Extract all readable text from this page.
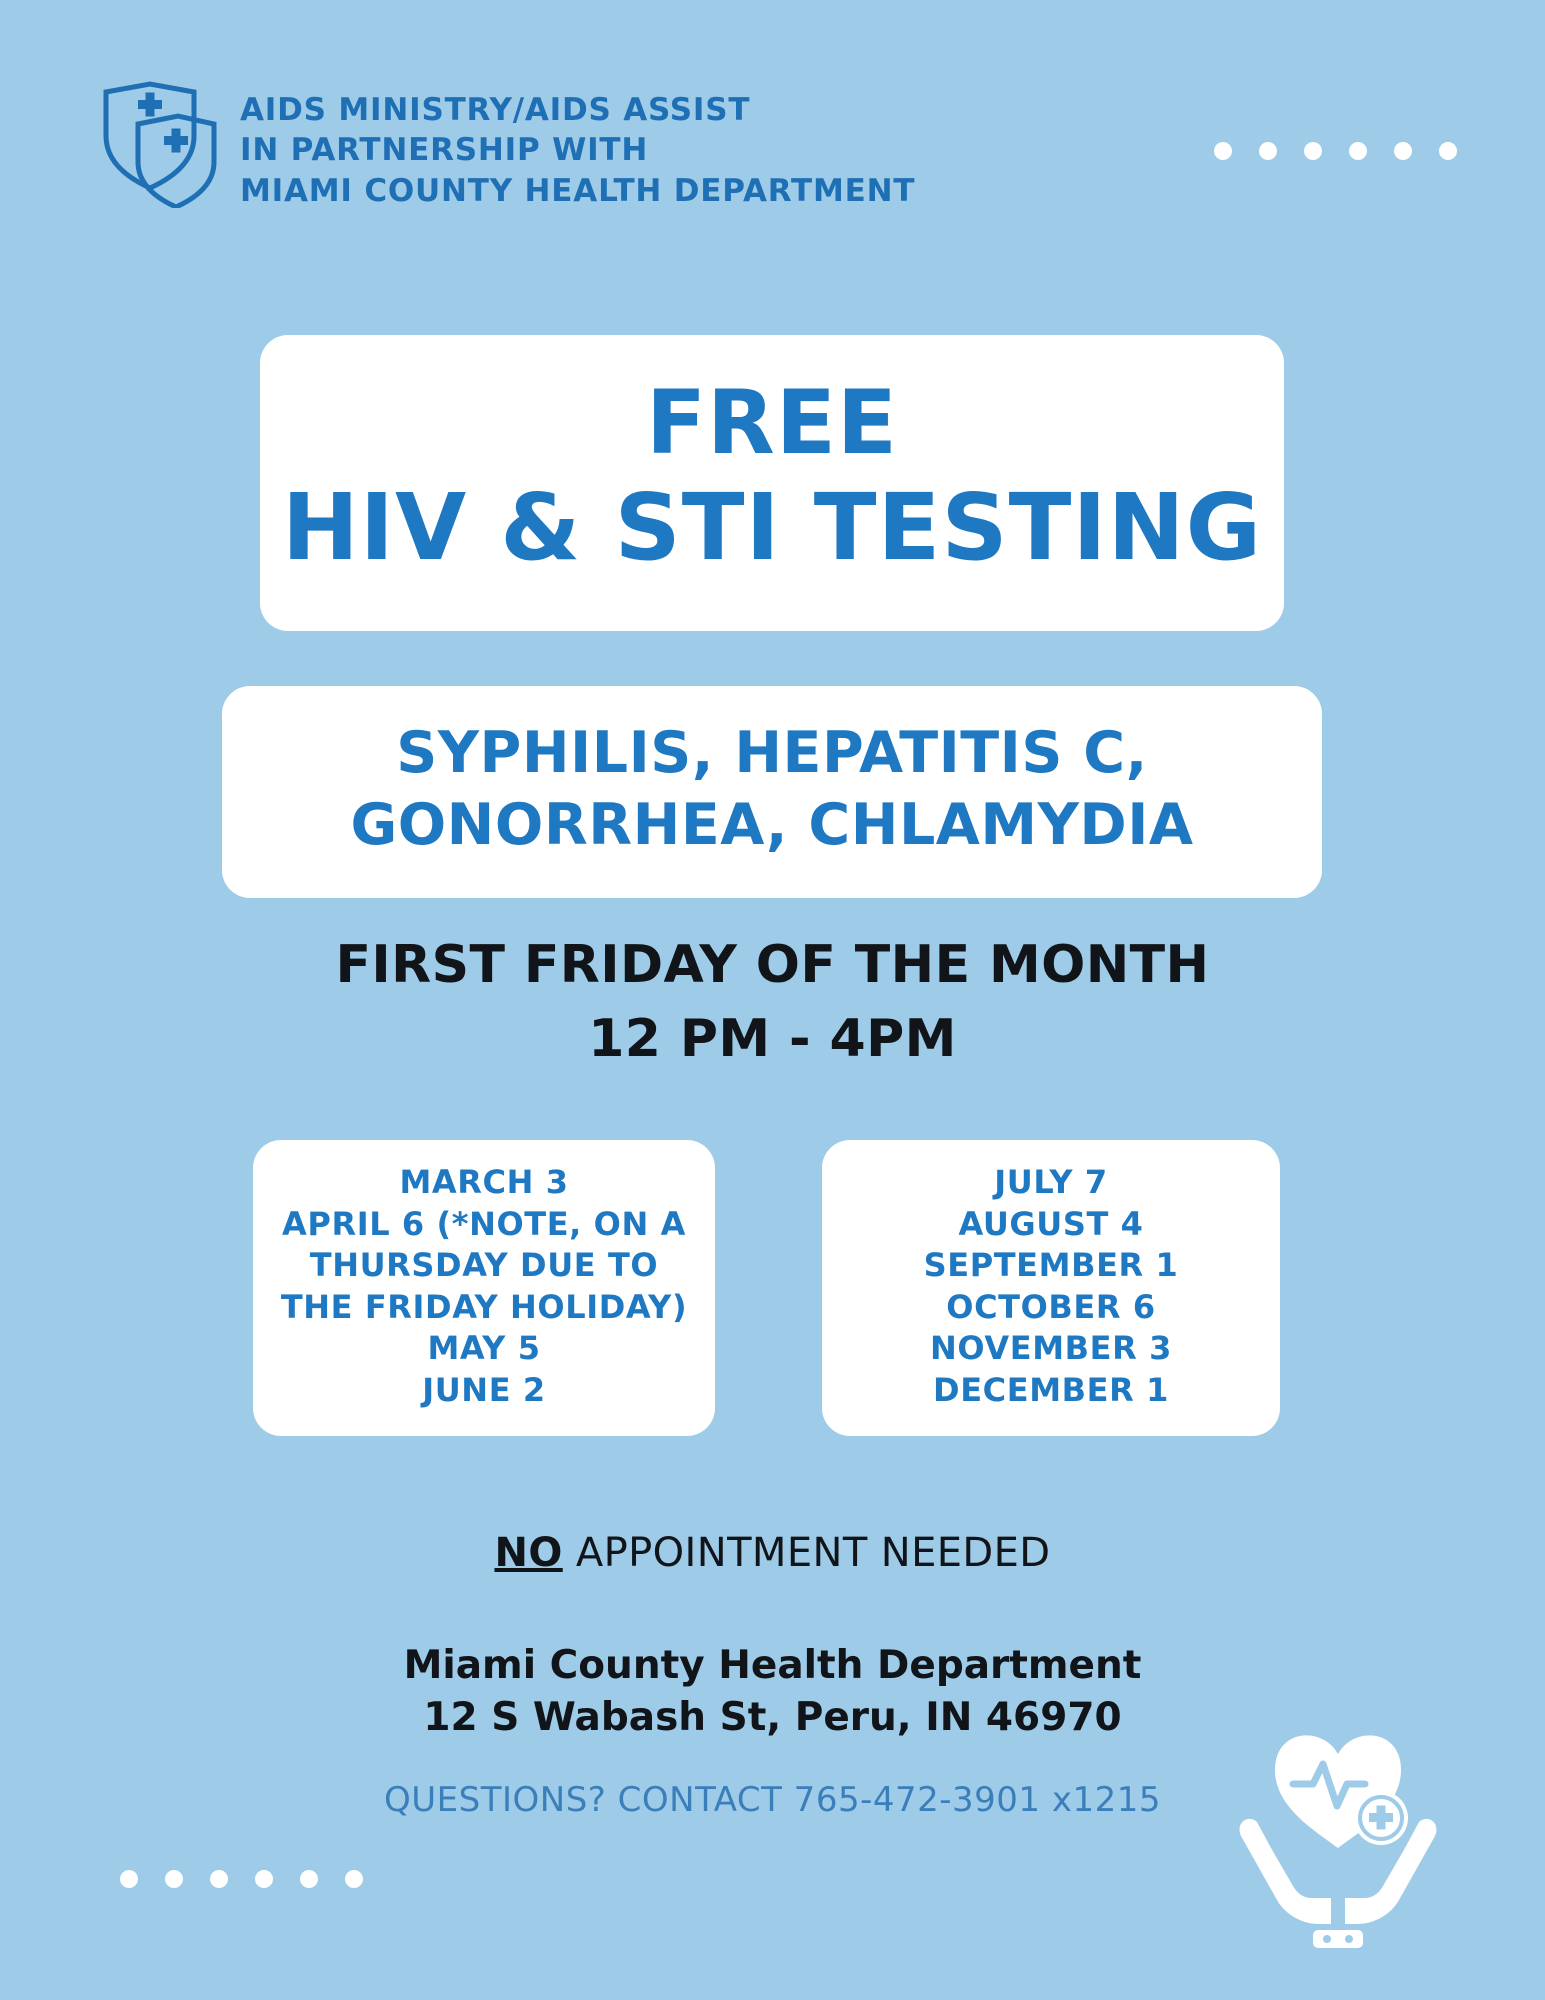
AIDS MINISTRY/AIDS ASSIST
IN PARTNERSHIP WITH
MIAMI COUNTY HEALTH DEPARTMENT
FREE
HIV & STI TESTING
SYPHILIS, HEPATITIS C,
GONORRHEA, CHLAMYDIA
FIRST FRIDAY OF THE MONTH
12 PM - 4PM
MARCH 3
APRIL 6 (*NOTE, ON A
THURSDAY DUE TO
THE FRIDAY HOLIDAY)
MAY 5
JUNE 2
JULY 7
AUGUST 4
SEPTEMBER 1
OCTOBER 6
NOVEMBER 3
DECEMBER 1
NO APPOINTMENT NEEDED
Miami County Health Department
12 S Wabash St, Peru, IN 46970
QUESTIONS? CONTACT 765-472-3901 x1215
